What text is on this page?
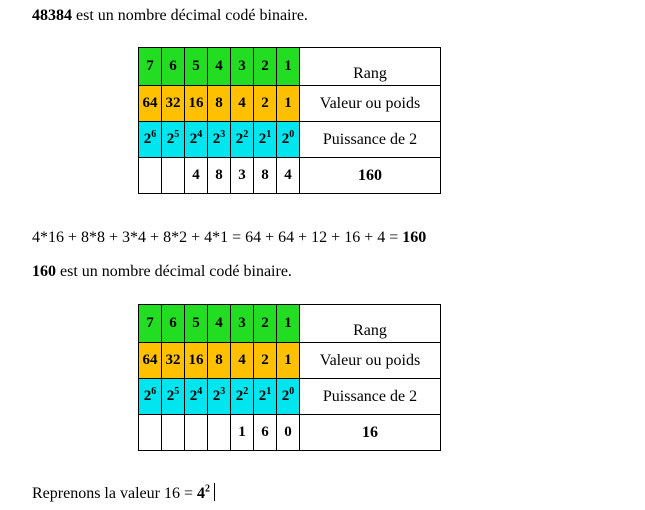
48384 est un nombre décimal codé binaire.
7	6	5	4	3	2	1	Rang
64	32	16	8	4	2	1	Valeur ou poids
$2^6$	$2^5$	$2^4$	$2^3$	$2^2$	$2^1$	$2^0$	Puissance de 2
		4	8	3	8	4	160
4*16 + 8*8 + 3*4 + 8*2 + 4*1 = 64 + 64 + 12 + 16 + 4 = 160
160 est un nombre décimal codé binaire.
7	6	5	4	3	2	1	Rang
64	32	16	8	4	2	1	Valeur ou poids
$2^6$	$2^5$	$2^4$	$2^3$	$2^2$	$2^1$	$2^0$	Puissance de 2
				1	6	0	16
Reprenons la valeur $16 = 4^2$
